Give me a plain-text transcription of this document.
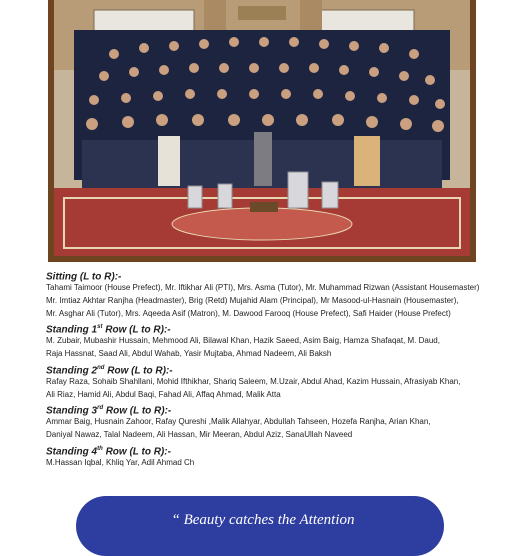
Sitting (L to R):-

Tahami Taimoor (House Prefect), Mr. Iftikhar Ali (PTI), Mrs. Asma (Tutor), Mr. Muhammad Rizwan (Assistant Housemaster)

Mr. Imtiaz Akhtar Ranjha (Headmaster), Brig (Retd) Mujahid Alam (Principal), Mr Masood-ul-Hasnain (Housemaster),

Mr. Asghar Ali (Tutor), Mrs. Aqeeda Asif (Matron), M. Dawood Farooq (House Prefect), Safi Haider (House Prefect)

Standing 1st Row (L to R):-

M. Zubair, Mubashir Hussain, Mehmood Ali, Bilawal Khan, Hazik Saeed, Asim Baig, Hamza Shafaqat, M. Daud,

Raja Hassnat, Saad Ali, Abdul Wahab, Yasir Mujtaba, Ahmad Nadeem, Ali Baksh

Standing 2nd Row (L to R):-

Rafay Raza, Sohaib Shahllani, Mohid Ifthikhar, Shariq Saleem, M.Uzair, Abdul Ahad, Kazim Hussain, Afrasiyab Khan,

Ali Riaz, Hamid Ali, Abdul Baqi, Fahad Ali, Affaq Ahmad, Malik Atta

Standing 3rd Row (L to R):-

Ammar Baig, Husnain Zahoor, Rafay Qureshi ,Malik Allahyar, Abdullah Tahseen, Hozefa Ranjha, Arian Khan,

Daniyal Nawaz, Talal Nadeem, Ali Hassan, Mir Meeran, Abdul Aziz, SanaUllah Naveed

Standing 4th Row (L to R):-

M.Hassan Iqbal, Khliq Yar, Adil Ahmad Ch

“ Beauty catches the Attention
